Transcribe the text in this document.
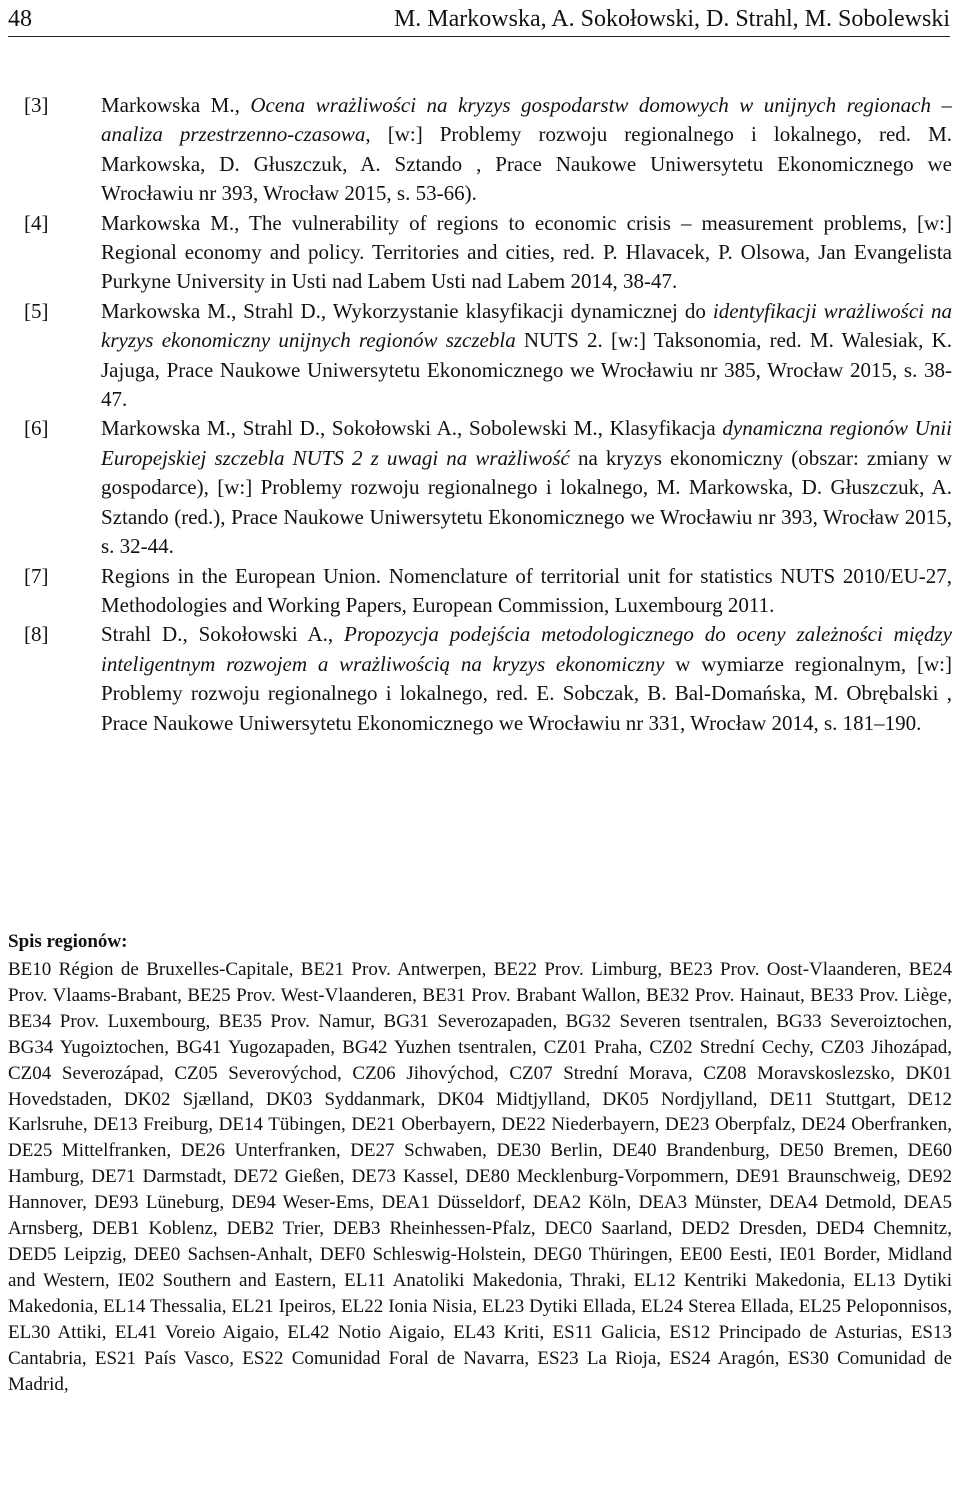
48	M. Markowska, A. Sokołowski, D. Strahl, M. Sobolewski
[3]	Markowska M., Ocena wrażliwości na kryzys gospodarstw domowych w unijnych regionach – analiza przestrzenno-czasowa, [w:] Problemy rozwoju regionalnego i lokalnego, red. M. Markowska, D. Głuszczuk, A. Sztando , Prace Naukowe Uniwersytetu Ekonomicznego we Wrocławiu nr 393, Wrocław 2015, s. 53-66).
[4]	Markowska M., The vulnerability of regions to economic crisis – measurement problems, [w:] Regional economy and policy. Territories and cities, red. P. Hlavacek, P. Olsowa, Jan Evangelista Purkyne University in Usti nad Labem Usti nad Labem 2014, 38-47.
[5]	Markowska M., Strahl D., Wykorzystanie klasyfikacji dynamicznej do identyfikacji wrażliwości na kryzys ekonomiczny unijnych regionów szczebla NUTS 2. [w:] Taksonomia, red. M. Walesiak, K. Jajuga, Prace Naukowe Uniwersytetu Ekonomicznego we Wrocławiu nr 385, Wrocław 2015, s. 38-47.
[6]	Markowska M., Strahl D., Sokołowski A., Sobolewski M., Klasyfikacja dynamiczna regionów Unii Europejskiej szczebla NUTS 2 z uwagi na wrażliwość na kryzys ekonomiczny (obszar: zmiany w gospodarce), [w:] Problemy rozwoju regionalnego i lokalnego, M. Markowska, D. Głuszczuk, A. Sztando (red.), Prace Naukowe Uniwersytetu Ekonomicznego we Wrocławiu nr 393, Wrocław 2015, s. 32-44.
[7]	Regions in the European Union. Nomenclature of territorial unit for statistics NUTS 2010/EU-27, Methodologies and Working Papers, European Commission, Luxembourg 2011.
[8]	Strahl D., Sokołowski A., Propozycja podejścia metodologicznego do oceny zależności między inteligentnym rozwojem a wrażliwością na kryzys ekonomiczny w wymiarze regionalnym, [w:] Problemy rozwoju regionalnego i lokalnego, red. E. Sobczak, B. Bal-Domańska, M. Obrębalski , Prace Naukowe Uniwersytetu Ekonomicznego we Wrocławiu nr 331, Wrocław 2014, s. 181–190.
Spis regionów:

BE10 Région de Bruxelles-Capitale, BE21 Prov. Antwerpen, BE22 Prov. Limburg, BE23 Prov. Oost-Vlaanderen, BE24 Prov. Vlaams-Brabant, BE25 Prov. West-Vlaanderen, BE31 Prov. Brabant Wallon, BE32 Prov. Hainaut, BE33 Prov. Liège, BE34 Prov. Luxembourg, BE35 Prov. Namur, BG31 Severozapaden, BG32 Severen tsentralen, BG33 Severoiztochen, BG34 Yugoiztochen, BG41 Yugozapaden, BG42 Yuzhen tsentralen, CZ01 Praha, CZ02 Strední Cechy, CZ03 Jihozápad, CZ04 Severozápad, CZ05 Severovýchod, CZ06 Jihovýchod, CZ07 Strední Morava, CZ08 Moravskoslezsko, DK01 Hovedstaden, DK02 Sjælland, DK03 Syddanmark, DK04 Midtjylland, DK05 Nordjylland, DE11 Stuttgart, DE12 Karlsruhe, DE13 Freiburg, DE14 Tübingen, DE21 Oberbayern, DE22 Niederbayern, DE23 Oberpfalz, DE24 Oberfranken, DE25 Mittelfranken, DE26 Unterfranken, DE27 Schwaben, DE30 Berlin, DE40 Brandenburg, DE50 Bremen, DE60 Hamburg, DE71 Darmstadt, DE72 Gießen, DE73 Kassel, DE80 Mecklenburg-Vorpommern, DE91 Braunschweig, DE92 Hannover, DE93 Lüneburg, DE94 Weser-Ems, DEA1 Düsseldorf, DEA2 Köln, DEA3 Münster, DEA4 Detmold, DEA5 Arnsberg, DEB1 Koblenz, DEB2 Trier, DEB3 Rheinhessen-Pfalz, DEC0 Saarland, DED2 Dresden, DED4 Chemnitz, DED5 Leipzig, DEE0 Sachsen-Anhalt, DEF0 Schleswig-Holstein, DEG0 Thüringen, EE00 Eesti, IE01 Border, Midland and Western, IE02 Southern and Eastern, EL11 Anatoliki Makedonia, Thraki, EL12 Kentriki Makedonia, EL13 Dytiki Makedonia, EL14 Thessalia, EL21 Ipeiros, EL22 Ionia Nisia, EL23 Dytiki Ellada, EL24 Sterea Ellada, EL25 Peloponnisos, EL30 Attiki, EL41 Voreio Aigaio, EL42 Notio Aigaio, EL43 Kriti, ES11 Galicia, ES12 Principado de Asturias, ES13 Cantabria, ES21 País Vasco, ES22 Comunidad Foral de Navarra, ES23 La Rioja, ES24 Aragón, ES30 Comunidad de Madrid,
